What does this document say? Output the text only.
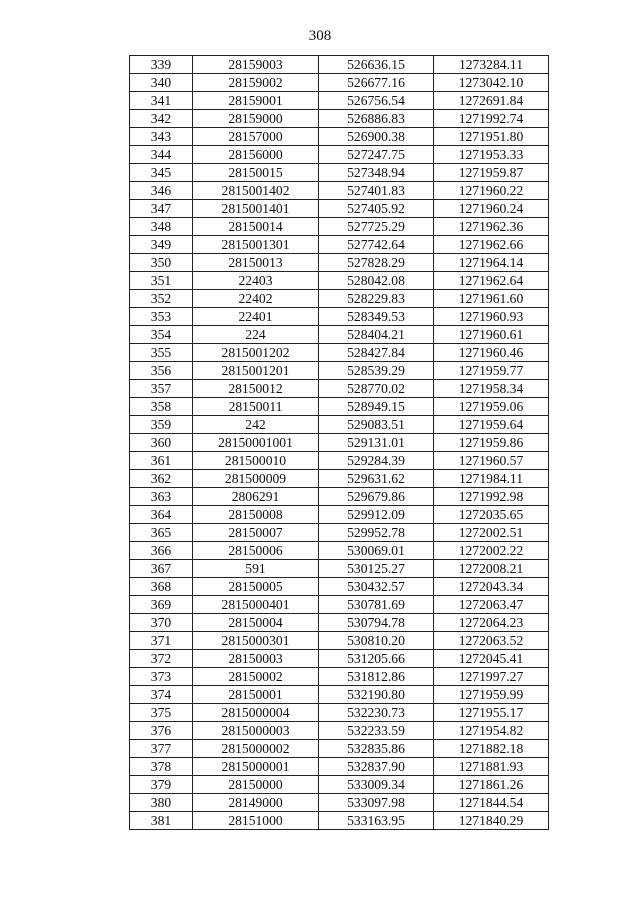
308
339	28159003	526636.15	1273284.11
340	28159002	526677.16	1273042.10
341	28159001	526756.54	1272691.84
342	28159000	526886.83	1271992.74
343	28157000	526900.38	1271951.80
344	28156000	527247.75	1271953.33
345	28150015	527348.94	1271959.87
346	2815001402	527401.83	1271960.22
347	2815001401	527405.92	1271960.24
348	28150014	527725.29	1271962.36
349	2815001301	527742.64	1271962.66
350	28150013	527828.29	1271964.14
351	22403	528042.08	1271962.64
352	22402	528229.83	1271961.60
353	22401	528349.53	1271960.93
354	224	528404.21	1271960.61
355	2815001202	528427.84	1271960.46
356	2815001201	528539.29	1271959.77
357	28150012	528770.02	1271958.34
358	28150011	528949.15	1271959.06
359	242	529083.51	1271959.64
360	28150001001	529131.01	1271959.86
361	281500010	529284.39	1271960.57
362	281500009	529631.62	1271984.11
363	2806291	529679.86	1271992.98
364	28150008	529912.09	1272035.65
365	28150007	529952.78	1272002.51
366	28150006	530069.01	1272002.22
367	591	530125.27	1272008.21
368	28150005	530432.57	1272043.34
369	2815000401	530781.69	1272063.47
370	28150004	530794.78	1272064.23
371	2815000301	530810.20	1272063.52
372	28150003	531205.66	1272045.41
373	28150002	531812.86	1271997.27
374	28150001	532190.80	1271959.99
375	2815000004	532230.73	1271955.17
376	2815000003	532233.59	1271954.82
377	2815000002	532835.86	1271882.18
378	2815000001	532837.90	1271881.93
379	28150000	533009.34	1271861.26
380	28149000	533097.98	1271844.54
381	28151000	533163.95	1271840.29
